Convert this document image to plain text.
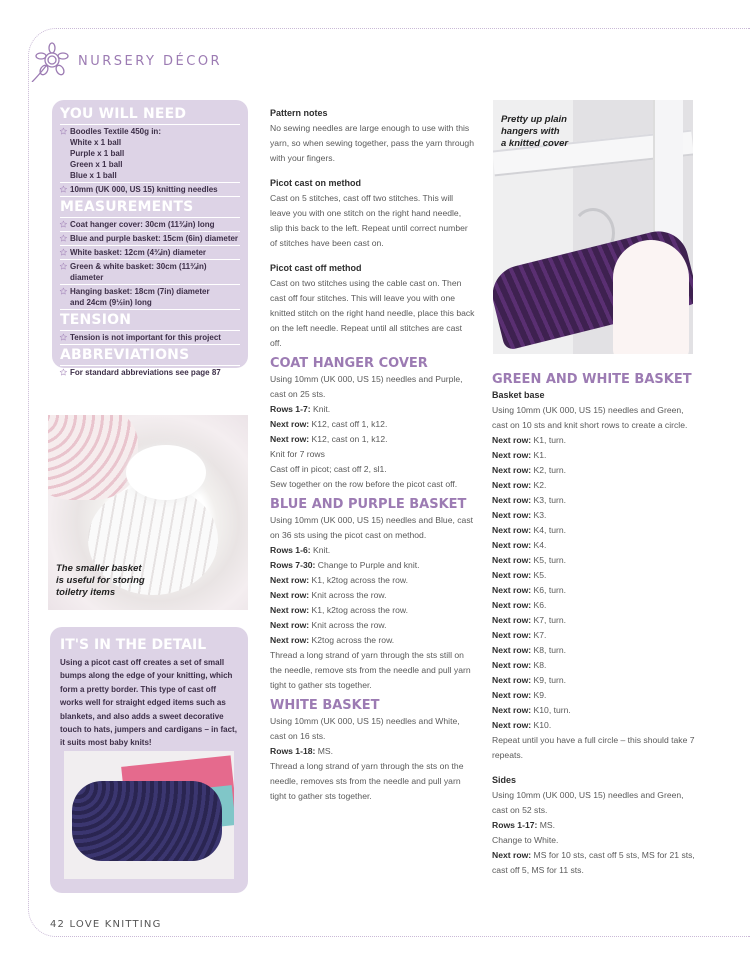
NURSERY DÉCOR
YOU WILL NEED
✩ Boodles Textile 450g in:
White x 1 ball
Purple x 1 ball
Green x 1 ball
Blue x 1 ball
✩ 10mm (UK 000, US 15) knitting needles
MEASUREMENTS
✩ Coat hanger cover: 30cm (11¾in) long
✩ Blue and purple basket: 15cm (6in) diameter
✩ White basket: 12cm (4¾in) diameter
✩ Green & white basket: 30cm (11¾in) diameter
✩ Hanging basket: 18cm (7in) diameter
and 24cm (9½in) long
TENSION
✩ Tension is not important for this project
ABBREVIATIONS
✩ For standard abbreviations see page 87
The smaller basket
is useful for storing
toiletry items
IT'S IN THE DETAIL

Using a picot cast off creates a set of small bumps along the edge of your knitting, which form a pretty border. This type of cast off works well for straight edged items such as blankets, and also adds a sweet decorative touch to hats, jumpers and cardigans – in fact, it suits most baby knits!

Pattern notes

No sewing needles are large enough to use with this yarn, so when sewing together, pass the yarn through with your fingers.

Picot cast on method

Cast on 5 stitches, cast off two stitches. This will leave you with one stitch on the right hand needle, slip this back to the left. Repeat until correct number of stitches have been cast on.

Picot cast off method

Cast on two stitches using the cable cast on. Then cast off four stitches. This will leave you with one knitted stitch on the right hand needle, place this back on the left needle. Repeat until all stitches are cast off.

COAT HANGER COVER

Using 10mm (UK 000, US 15) needles and Purple, cast on 25 sts.

Rows 1-7: Knit.

Next row: K12, cast off 1, k12.

Next row: K12, cast on 1, k12.

Knit for 7 rows

Cast off in picot; cast off 2, sl1.

Sew together on the row before the picot cast off.

BLUE AND PURPLE BASKET

Using 10mm (UK 000, US 15) needles and Blue, cast on 36 sts using the picot cast on method.

Rows 1-6: Knit.

Rows 7-30: Change to Purple and knit.

Next row: K1, k2tog across the row.

Next row: Knit across the row.

Next row: K1, k2tog across the row.

Next row: Knit across the row.

Next row: K2tog across the row.

Thread a long strand of yarn through the sts still on the needle, remove sts from the needle and pull yarn tight to gather sts together.

WHITE BASKET

Using 10mm (UK 000, US 15) needles and White, cast on 16 sts.

Rows 1-18: MS.

Thread a long strand of yarn through the sts on the needle, removes sts from the needle and pull yarn tight to gather sts together.

Pretty up plain
hangers with
a knitted cover
GREEN AND WHITE BASKET
Basket base

Using 10mm (UK 000, US 15) needles and Green, cast on 10 sts and knit short rows to create a circle.

Next row: K1, turn.

Next row: K1.

Next row: K2, turn.

Next row: K2.

Next row: K3, turn.

Next row: K3.

Next row: K4, turn.

Next row: K4.

Next row: K5, turn.

Next row: K5.

Next row: K6, turn.

Next row: K6.

Next row: K7, turn.

Next row: K7.

Next row: K8, turn.

Next row: K8.

Next row: K9, turn.

Next row: K9.

Next row: K10, turn.

Next row: K10.

Repeat until you have a full circle – this should take 7 repeats.

Sides

Using 10mm (UK 000, US 15) needles and Green, cast on 52 sts.

Rows 1-17: MS.

Change to White.

Next row: MS for 10 sts, cast off 5 sts, MS for 21 sts, cast off 5, MS for 11 sts.

42 LOVE KNITTING
